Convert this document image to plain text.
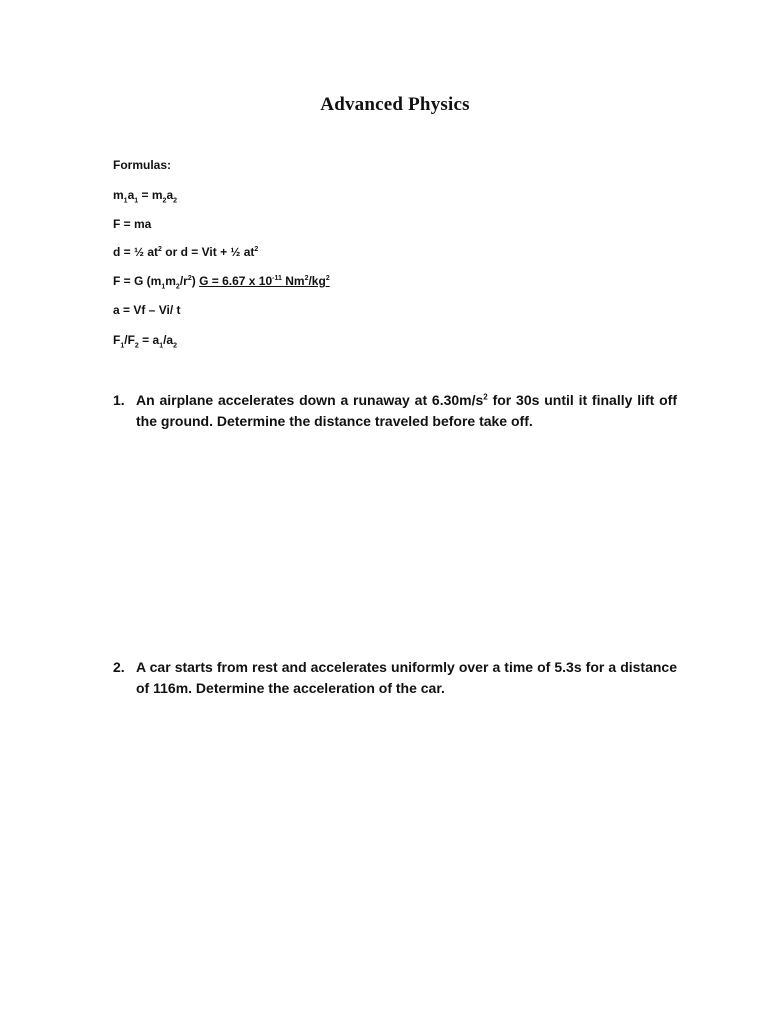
Advanced Physics
Formulas:
$m_1a_1 = m_2a_2$
F = ma
d = ½ $at^2$ or d = Vit + ½ $at^2$
F = G $(m_1m_2/r^2) G = 6.67$ x $10^{-11}$ $Nm^2/kg^2$
a = Vf – Vi/ t
$F_1/F_2 = a_1/a_2$
1. An airplane accelerates down a runaway at $6.30m/s^2$ for 30s until it finally lift off the ground. Determine the distance traveled before take off.
2. A car starts from rest and accelerates uniformly over a time of 5.3s for a distance of 116m. Determine the acceleration of the car.
